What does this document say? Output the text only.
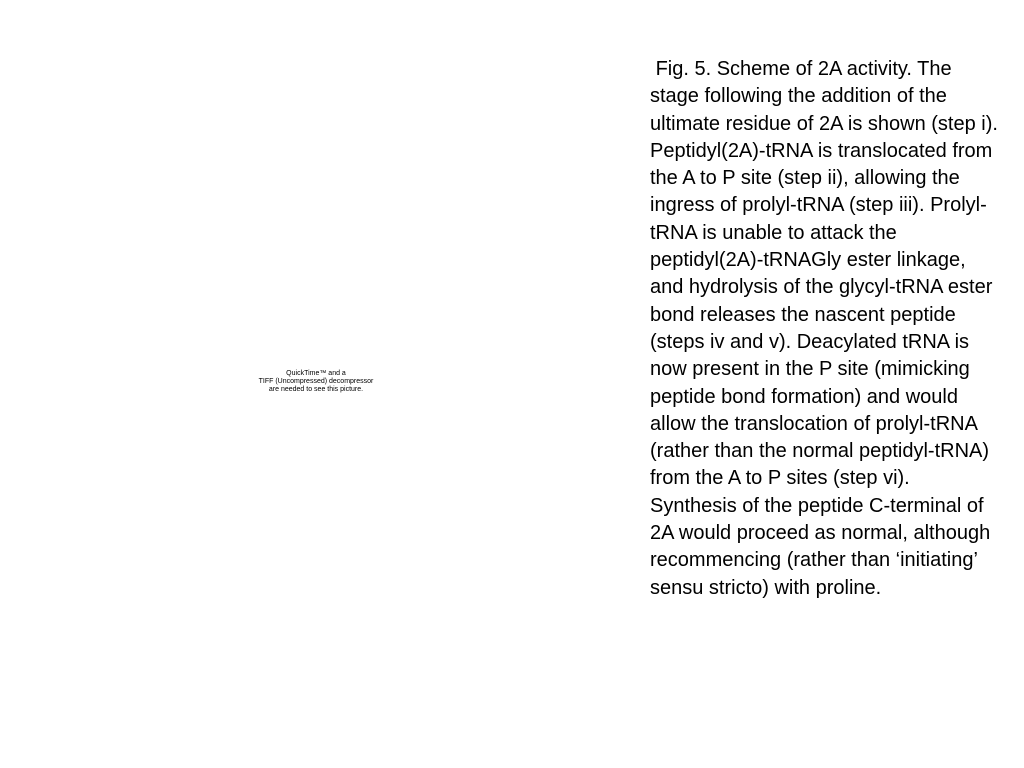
QuickTime™ and a
TIFF (Uncompressed) decompressor
are needed to see this picture.
Fig. 5. Scheme of 2A activity. The stage following the addition of the ultimate residue of 2A is shown (step i). Peptidyl(2A)-tRNA is translocated from the A to P site (step ii), allowing the ingress of prolyl-tRNA (step iii). Prolyl-tRNA is unable to attack the peptidyl(2A)-tRNAGly ester linkage, and hydrolysis of the glycyl-tRNA ester bond releases the nascent peptide (steps iv and v). Deacylated tRNA is now present in the P site (mimicking peptide bond formation) and would allow the translocation of prolyl-tRNA (rather than the normal peptidyl-tRNA) from the A to P sites (step vi). Synthesis of the peptide C-terminal of 2A would proceed as normal, although recommencing (rather than ‘initiating’ sensu stricto) with proline.
